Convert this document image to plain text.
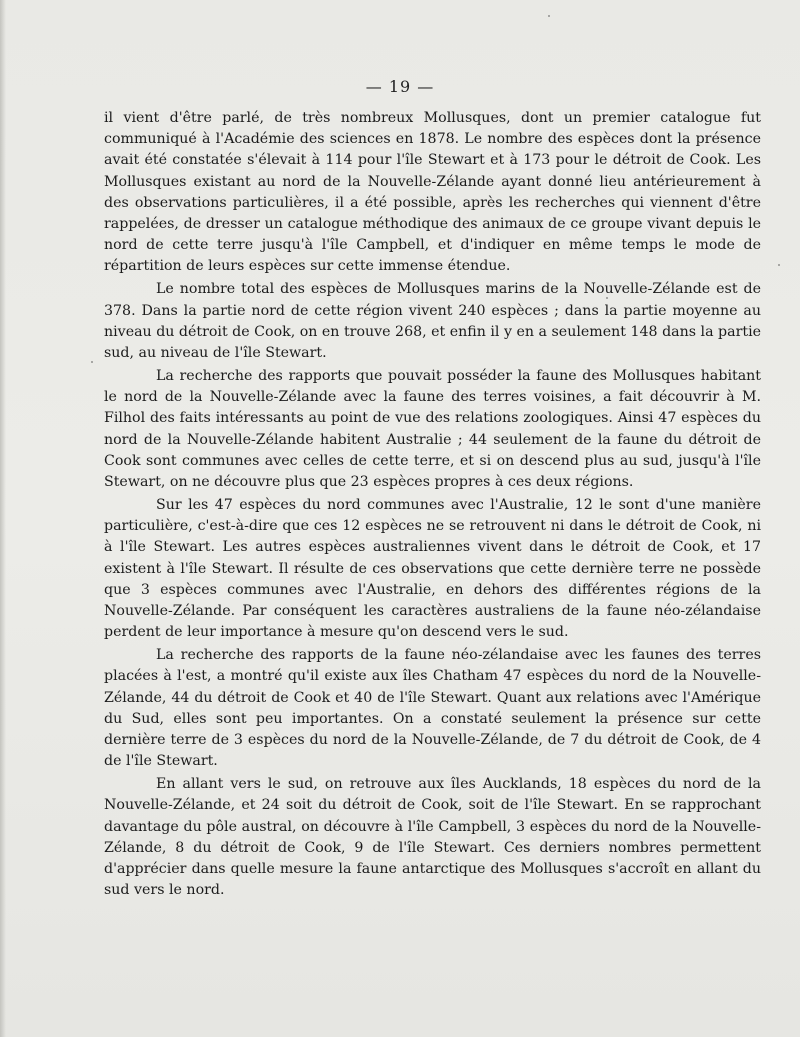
— 19 —

il vient d'être parlé, de très nombreux Mollusques, dont un premier catalogue fut communiqué à l'Académie des sciences en 1878. Le nombre des espèces dont la présence avait été constatée s'élevait à 114 pour l'île Stewart et à 173 pour le détroit de Cook. Les Mollusques existant au nord de la Nouvelle-Zélande ayant donné lieu antérieurement à des observations particulières, il a été possible, après les recherches qui viennent d'être rappelées, de dresser un catalogue méthodique des animaux de ce groupe vivant depuis le nord de cette terre jusqu'à l'île Campbell, et d'indiquer en même temps le mode de répartition de leurs espèces sur cette immense étendue.

Le nombre total des espèces de Mollusques marins de la Nouvelle-Zélande est de 378. Dans la partie nord de cette région vivent 240 espèces ; dans la partie moyenne au niveau du détroit de Cook, on en trouve 268, et enfin il y en a seulement 148 dans la partie sud, au niveau de l'île Stewart.

La recherche des rapports que pouvait posséder la faune des Mollusques habitant le nord de la Nouvelle-Zélande avec la faune des terres voisines, a fait découvrir à M. Filhol des faits intéressants au point de vue des relations zoologiques. Ainsi 47 espèces du nord de la Nouvelle-Zélande habitent Australie ; 44 seulement de la faune du détroit de Cook sont communes avec celles de cette terre, et si on descend plus au sud, jusqu'à l'île Stewart, on ne découvre plus que 23 espèces propres à ces deux régions.

Sur les 47 espèces du nord communes avec l'Australie, 12 le sont d'une manière particulière, c'est-à-dire que ces 12 espèces ne se retrouvent ni dans le détroit de Cook, ni à l'île Stewart. Les autres espèces australiennes vivent dans le détroit de Cook, et 17 existent à l'île Stewart. Il résulte de ces observations que cette dernière terre ne possède que 3 espèces communes avec l'Australie, en dehors des différentes régions de la Nouvelle-Zélande. Par conséquent les caractères australiens de la faune néo-zélandaise perdent de leur importance à mesure qu'on descend vers le sud.

La recherche des rapports de la faune néo-zélandaise avec les faunes des terres placées à l'est, a montré qu'il existe aux îles Chatham 47 espèces du nord de la Nouvelle-Zélande, 44 du détroit de Cook et 40 de l'île Stewart. Quant aux relations avec l'Amérique du Sud, elles sont peu importantes. On a constaté seulement la présence sur cette dernière terre de 3 espèces du nord de la Nouvelle-Zélande, de 7 du détroit de Cook, de 4 de l'île Stewart.

En allant vers le sud, on retrouve aux îles Aucklands, 18 espèces du nord de la Nouvelle-Zélande, et 24 soit du détroit de Cook, soit de l'île Stewart. En se rapprochant davantage du pôle austral, on découvre à l'île Campbell, 3 espèces du nord de la Nouvelle-Zélande, 8 du détroit de Cook, 9 de l'île Stewart. Ces derniers nombres permettent d'apprécier dans quelle mesure la faune antarctique des Mollusques s'accroît en allant du sud vers le nord.
